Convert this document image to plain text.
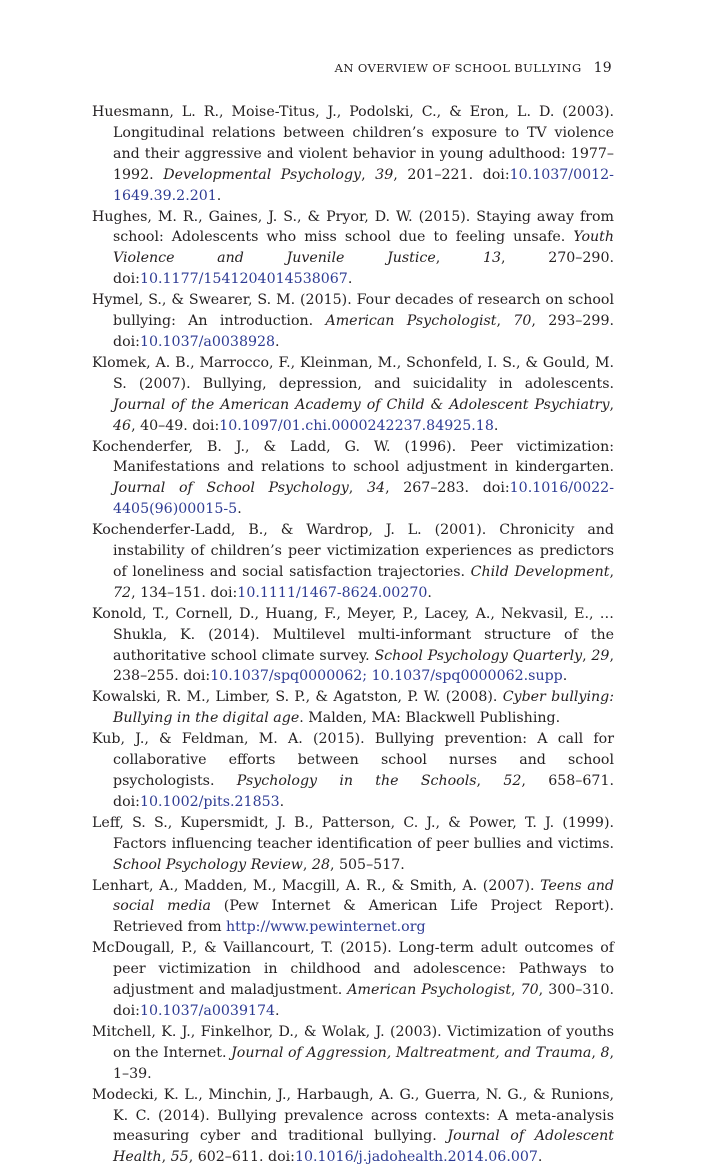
AN OVERVIEW OF SCHOOL BULLYING 19

Huesmann, L. R., Moise-Titus, J., Podolski, C., & Eron, L. D. (2003). Longitudinal relations between children’s exposure to TV violence and their aggressive and violent behavior in young adulthood: 1977–1992. Developmental Psychology, 39, 201–221. doi:10.1037/0012-1649.39.2.201.

Hughes, M. R., Gaines, J. S., & Pryor, D. W. (2015). Staying away from school: Adolescents who miss school due to feeling unsafe. Youth Violence and Juvenile Justice, 13, 270–290. doi:10.1177/1541204014538067.

Hymel, S., & Swearer, S. M. (2015). Four decades of research on school bullying: An introduction. American Psychologist, 70, 293–299. doi:10.1037/a0038928.

Klomek, A. B., Marrocco, F., Kleinman, M., Schonfeld, I. S., & Gould, M. S. (2007). Bullying, depression, and suicidality in adolescents. Journal of the American Academy of Child & Adolescent Psychiatry, 46, 40–49. doi:10.1097/01.chi.0000242237.84925.18.

Kochenderfer, B. J., & Ladd, G. W. (1996). Peer victimization: Manifestations and relations to school adjustment in kindergarten. Journal of School Psychology, 34, 267–283. doi:10.1016/0022-4405(96)00015-5.

Kochenderfer-Ladd, B., & Wardrop, J. L. (2001). Chronicity and instability of children’s peer victimization experiences as predictors of loneliness and social satisfaction trajectories. Child Development, 72, 134–151. doi:10.1111/1467-8624.00270.

Konold, T., Cornell, D., Huang, F., Meyer, P., Lacey, A., Nekvasil, E., … Shukla, K. (2014). Multilevel multi-informant structure of the authoritative school climate survey. School Psychology Quarterly, 29, 238–255. doi:10.1037/spq0000062; 10.1037/spq0000062.supp.

Kowalski, R. M., Limber, S. P., & Agatston, P. W. (2008). Cyber bullying: Bullying in the digital age. Malden, MA: Blackwell Publishing.

Kub, J., & Feldman, M. A. (2015). Bullying prevention: A call for collaborative efforts between school nurses and school psychologists. Psychology in the Schools, 52, 658–671. doi:10.1002/pits.21853.

Leff, S. S., Kupersmidt, J. B., Patterson, C. J., & Power, T. J. (1999). Factors influencing teacher identification of peer bullies and victims. School Psychology Review, 28, 505–517.

Lenhart, A., Madden, M., Macgill, A. R., & Smith, A. (2007). Teens and social media (Pew Internet & American Life Project Report). Retrieved from http://www.pewinternet.org

McDougall, P., & Vaillancourt, T. (2015). Long-term adult outcomes of peer victimization in childhood and adolescence: Pathways to adjustment and maladjustment. American Psychologist, 70, 300–310. doi:10.1037/a0039174.

Mitchell, K. J., Finkelhor, D., & Wolak, J. (2003). Victimization of youths on the Internet. Journal of Aggression, Maltreatment, and Trauma, 8, 1–39.

Modecki, K. L., Minchin, J., Harbaugh, A. G., Guerra, N. G., & Runions, K. C. (2014). Bullying prevalence across contexts: A meta-analysis measuring cyber and traditional bullying. Journal of Adolescent Health, 55, 602–611. doi:10.1016/j.jadohealth.2014.06.007.
